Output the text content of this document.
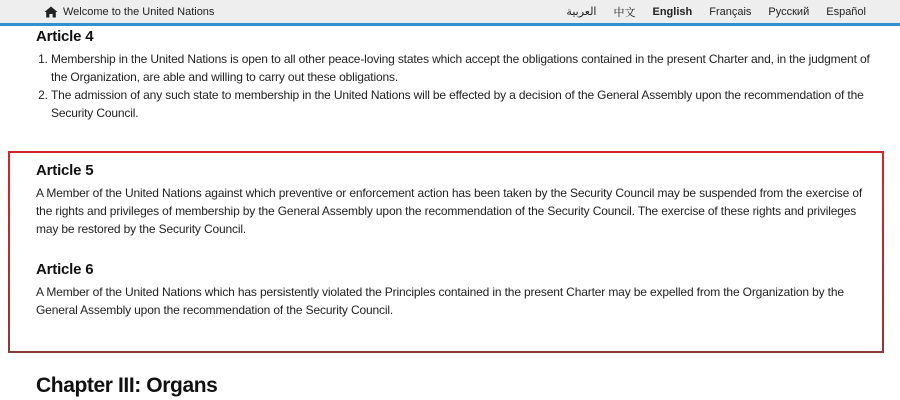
Welcome to the United Nations	العربية 中文 English Français Русский Español
Article 4
1. Membership in the United Nations is open to all other peace-loving states which accept the obligations contained in the present Charter and, in the judgment of the Organization, are able and willing to carry out these obligations.
2. The admission of any such state to membership in the United Nations will be effected by a decision of the General Assembly upon the recommendation of the Security Council.
Article 5
A Member of the United Nations against which preventive or enforcement action has been taken by the Security Council may be suspended from the exercise of the rights and privileges of membership by the General Assembly upon the recommendation of the Security Council. The exercise of these rights and privileges may be restored by the Security Council.
Article 6
A Member of the United Nations which has persistently violated the Principles contained in the present Charter may be expelled from the Organization by the General Assembly upon the recommendation of the Security Council.
Chapter III: Organs
